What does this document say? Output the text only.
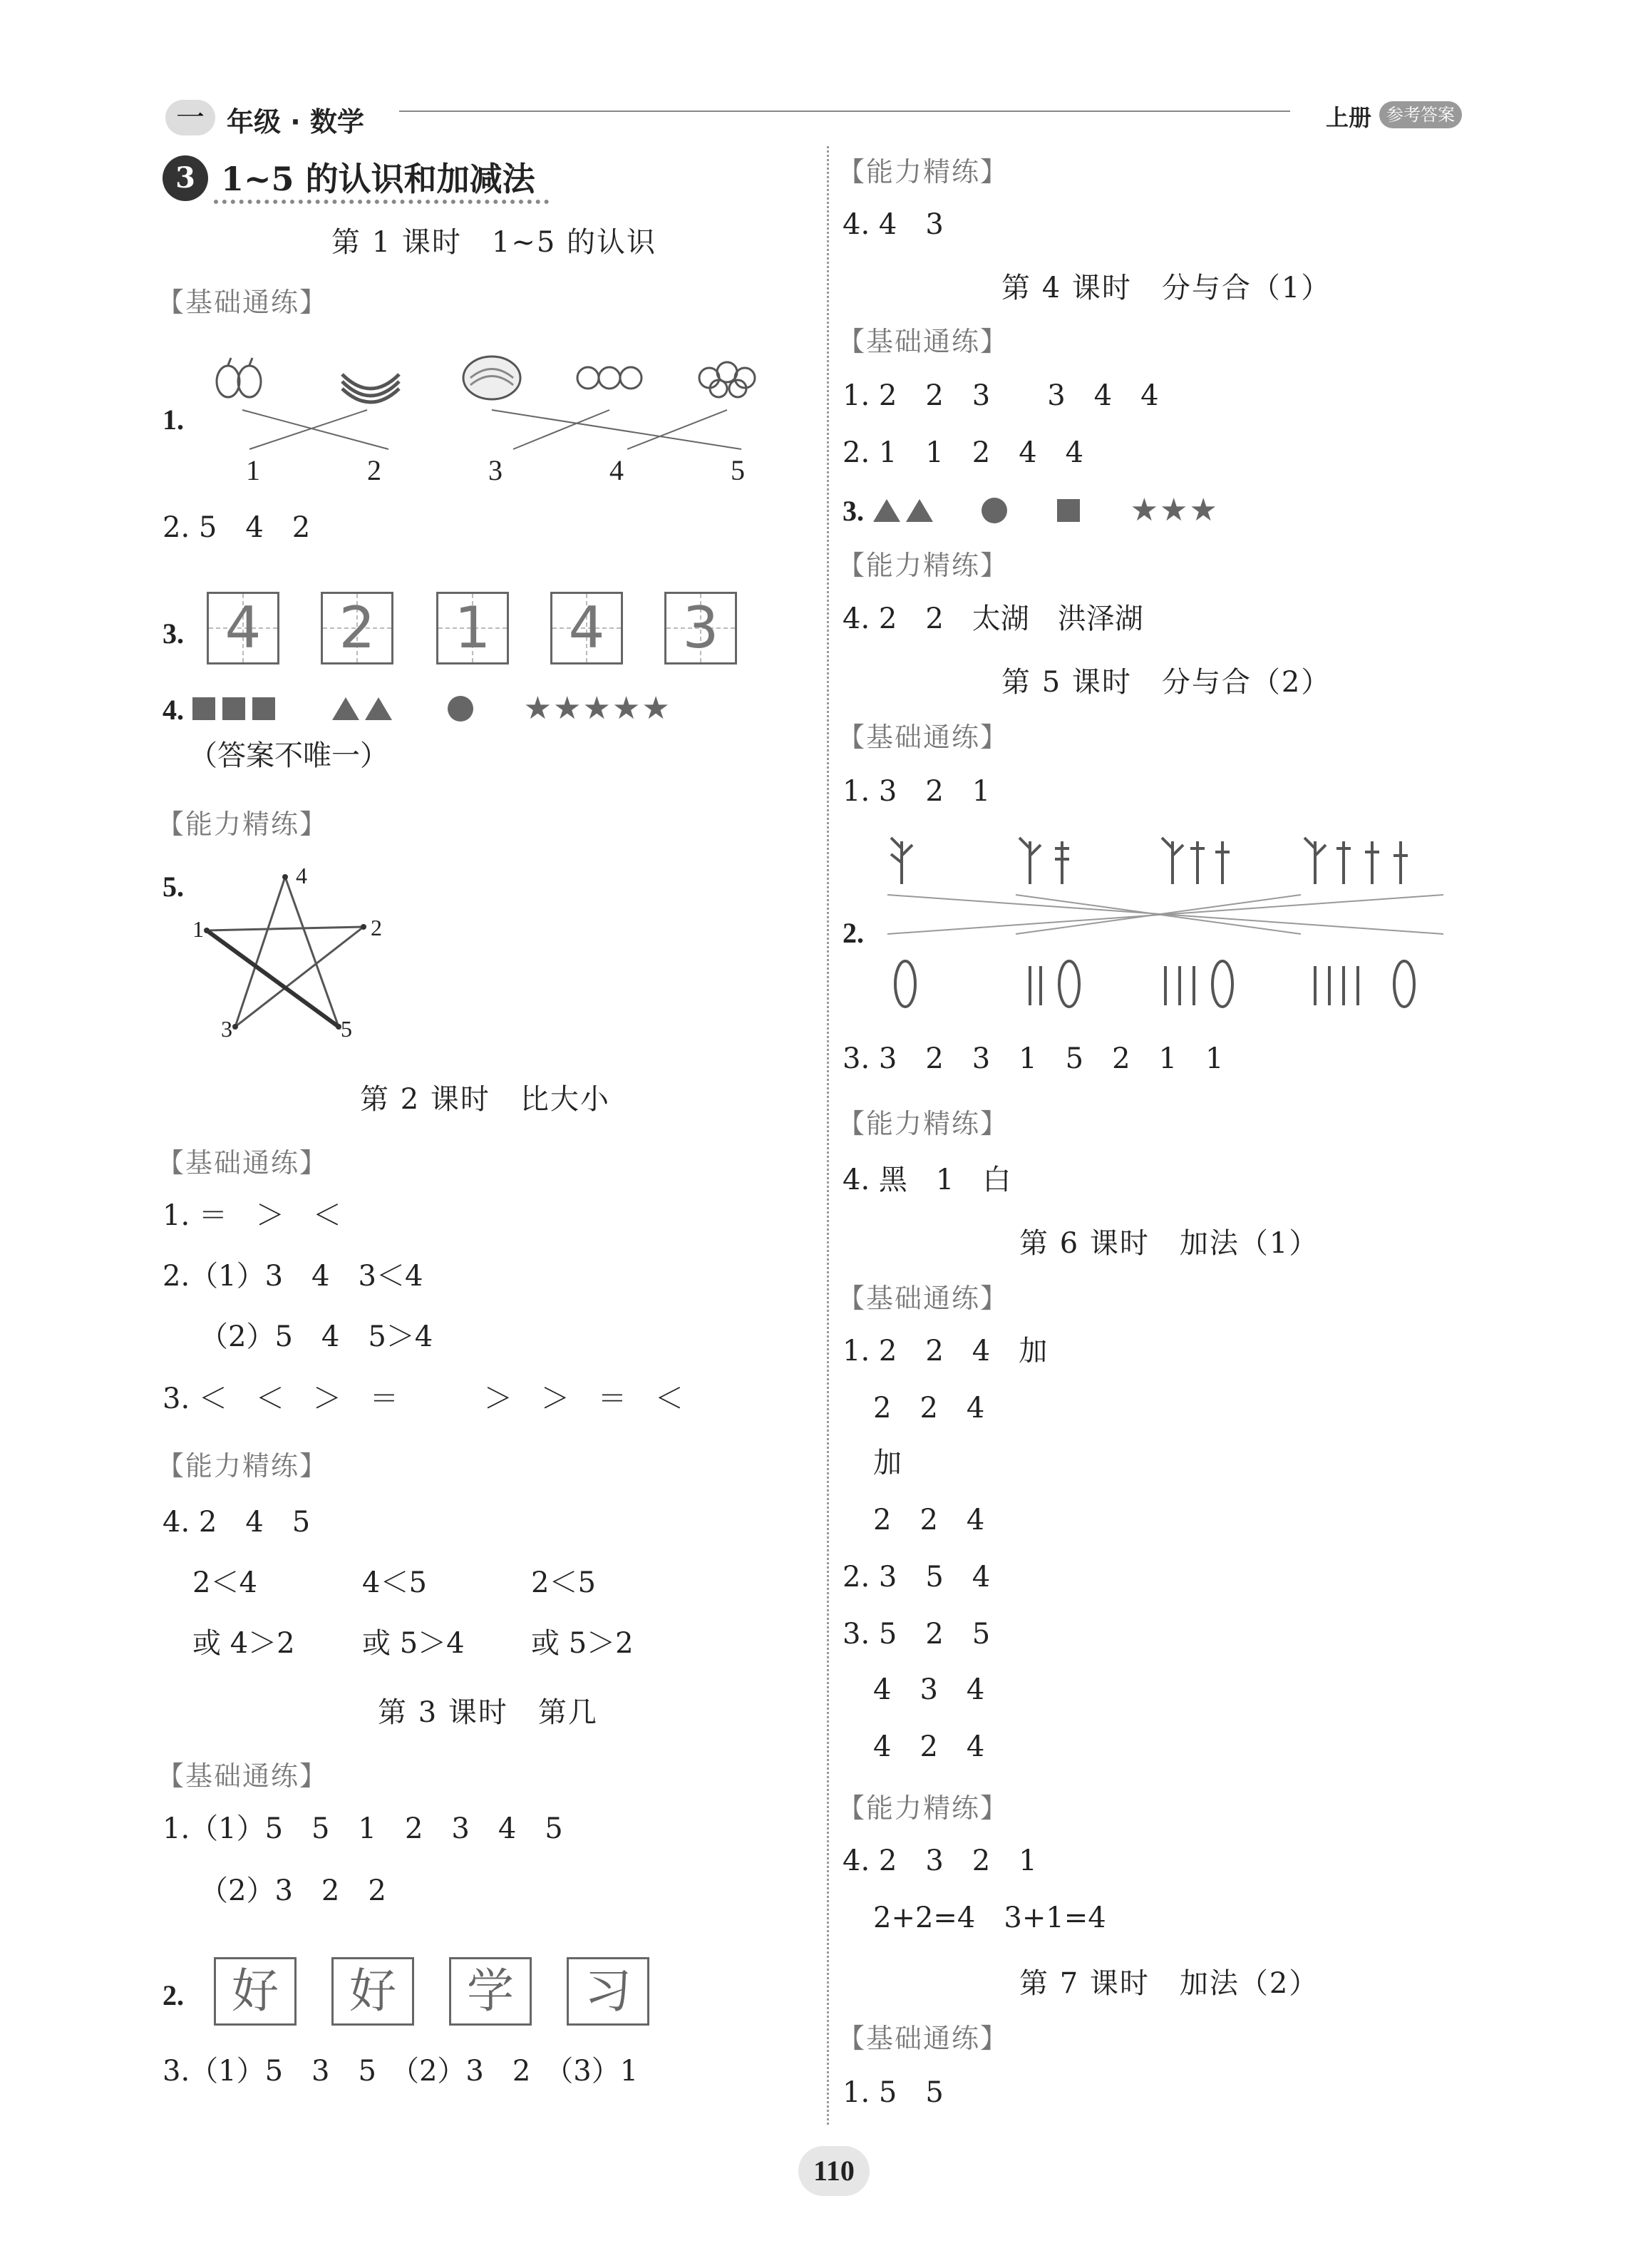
一 年级 · 数学	上册 参考答案
3 1~5 的认识和加减法
第 1 课时　1~5 的认识
【基础通练】
1.
1	2	3	4	5
2. 5　4　2
3. 4 2 1 4 3
4.	★★★★★
（答案不唯一）
【能力精练】
5.
1	2
3
4
5
第 2 课时　比大小
【基础通练】
1. ＝　＞　＜
2.（1）3　4　3＜4
（2）5　4　5＞4
3. ＜　＜　＞　＝　　　＞　＞　＝　＜
【能力精练】
4. 2　4　5
2＜4	4＜5	2＜5
或 4＞2 或 5＞4 或 5＞2
第 3 课时　第几
【基础通练】
1.（1）5　5　1　2　3　4　5
（2）3　2　2
2.	好	好	学	习
3.（1）5　3　5　（2）3　2　（3）1
【能力精练】
4. 4　3
第 4 课时　分与合（1）
【基础通练】
1. 2　2　3　　3　4　4
2. 1　1　2　4　4
3.	★★★
【能力精练】
4. 2　2　太湖　洪泽湖
第 5 课时　分与合（2）
【基础通练】
1. 3　2　1
2.
3. 3　2　3　1　5　2　1　1
【能力精练】
4. 黑　1　白
第 6 课时　加法（1）
【基础通练】
1. 2　2　4　加
2　2　4
加
2　2　4
2. 3　5　4
3. 5　2　5
4　3　4
4　2　4
【能力精练】
4. 2　3　2　1
2+2=4　3+1=4
第 7 课时　加法（2）
【基础通练】
1. 5　5
110
